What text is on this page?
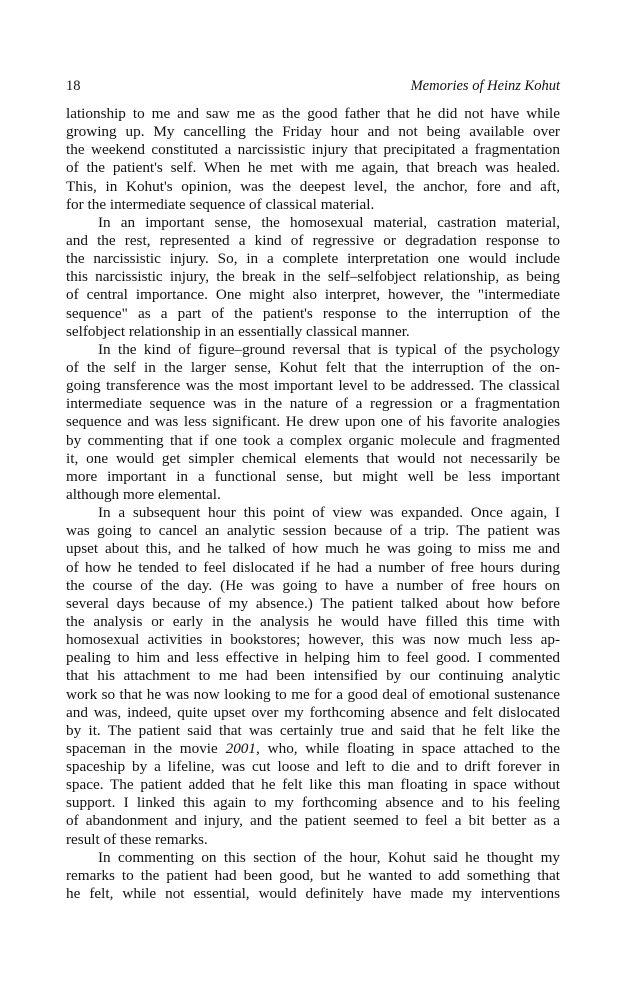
18	Memories of Heinz Kohut
lationship to me and saw me as the good father that he did not have while
growing up. My cancelling the Friday hour and not being available over
the weekend constituted a narcissistic injury that precipitated a fragmentation
of the patient's self. When he met with me again, that breach was healed.
This, in Kohut's opinion, was the deepest level, the anchor, fore and aft,
for the intermediate sequence of classical material.
In an important sense, the homosexual material, castration material,
and the rest, represented a kind of regressive or degradation response to
the narcissistic injury. So, in a complete interpretation one would include
this narcissistic injury, the break in the self–selfobject relationship, as being
of central importance. One might also interpret, however, the "intermediate
sequence" as a part of the patient's response to the interruption of the
selfobject relationship in an essentially classical manner.
In the kind of figure–ground reversal that is typical of the psychology
of the self in the larger sense, Kohut felt that the interruption of the on-
going transference was the most important level to be addressed. The classical
intermediate sequence was in the nature of a regression or a fragmentation
sequence and was less significant. He drew upon one of his favorite analogies
by commenting that if one took a complex organic molecule and fragmented
it, one would get simpler chemical elements that would not necessarily be
more important in a functional sense, but might well be less important
although more elemental.
In a subsequent hour this point of view was expanded. Once again, I
was going to cancel an analytic session because of a trip. The patient was
upset about this, and he talked of how much he was going to miss me and
of how he tended to feel dislocated if he had a number of free hours during
the course of the day. (He was going to have a number of free hours on
several days because of my absence.) The patient talked about how before
the analysis or early in the analysis he would have filled this time with
homosexual activities in bookstores; however, this was now much less ap-
pealing to him and less effective in helping him to feel good. I commented
that his attachment to me had been intensified by our continuing analytic
work so that he was now looking to me for a good deal of emotional sustenance
and was, indeed, quite upset over my forthcoming absence and felt dislocated
by it. The patient said that was certainly true and said that he felt like the
spaceman in the movie 2001, who, while floating in space attached to the
spaceship by a lifeline, was cut loose and left to die and to drift forever in
space. The patient added that he felt like this man floating in space without
support. I linked this again to my forthcoming absence and to his feeling
of abandonment and injury, and the patient seemed to feel a bit better as a
result of these remarks.
In commenting on this section of the hour, Kohut said he thought my
remarks to the patient had been good, but he wanted to add something that
he felt, while not essential, would definitely have made my interventions
